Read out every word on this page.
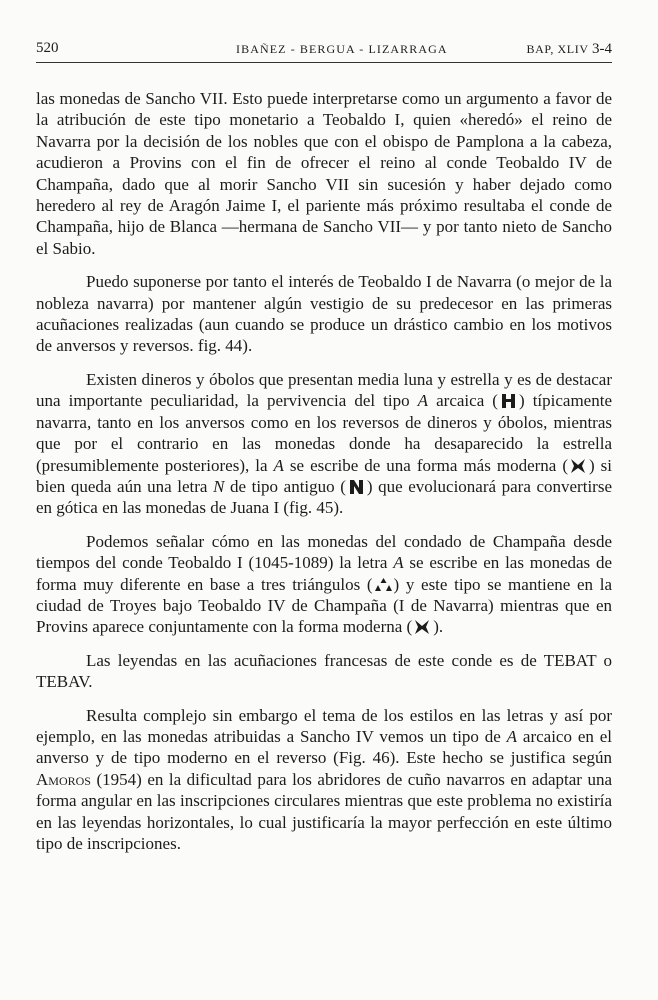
520	IBAÑEZ - BERGUA - LIZARRAGA	BAP, XLIV 3-4

las monedas de Sancho VII. Esto puede interpretarse como un argumento a favor de la atribución de este tipo monetario a Teobaldo I, quien «heredó» el reino de Navarra por la decisión de los nobles que con el obispo de Pamplona a la cabeza, acudieron a Provins con el fin de ofrecer el reino al conde Teobaldo IV de Champaña, dado que al morir Sancho VII sin sucesión y haber dejado como heredero al rey de Aragón Jaime I, el pariente más próximo resultaba el conde de Champaña, hijo de Blanca —hermana de Sancho VII— y por tanto nieto de Sancho el Sabio.

Puedo suponerse por tanto el interés de Teobaldo I de Navarra (o mejor de la nobleza navarra) por mantener algún vestigio de su predecesor en las primeras acuñaciones realizadas (aun cuando se produce un drástico cambio en los motivos de anversos y reversos. fig. 44).

Existen dineros y óbolos que presentan media luna y estrella y es de destacar una importante peculiaridad, la pervivencia del tipo A arcaica ( ) típicamente navarra, tanto en los anversos como en los reversos de dineros y óbolos, mientras que por el contrario en las monedas donde ha desaparecido la estrella (presumiblemente posteriores), la A se escribe de una forma más moderna ( ) si bien queda aún una letra N de tipo antiguo ( ) que evolucionará para convertirse en gótica en las monedas de Juana I (fig. 45).

Podemos señalar cómo en las monedas del condado de Champaña desde tiempos del conde Teobaldo I (1045-1089) la letra A se escribe en las monedas de forma muy diferente en base a tres triángulos ( ) y este tipo se mantiene en la ciudad de Troyes bajo Teobaldo IV de Champaña (I de Navarra) mientras que en Provins aparece conjuntamente con la forma moderna ( ).

Las leyendas en las acuñaciones francesas de este conde es de TEBAT o TEBAV.

Resulta complejo sin embargo el tema de los estilos en las letras y así por ejemplo, en las monedas atribuidas a Sancho IV vemos un tipo de A arcaico en el anverso y de tipo moderno en el reverso (Fig. 46). Este hecho se justifica según Amoros (1954) en la dificultad para los abridores de cuño navarros en adaptar una forma angular en las inscripciones circulares mientras que este problema no existiría en las leyendas horizontales, lo cual justificaría la mayor perfección en este último tipo de inscripciones.
